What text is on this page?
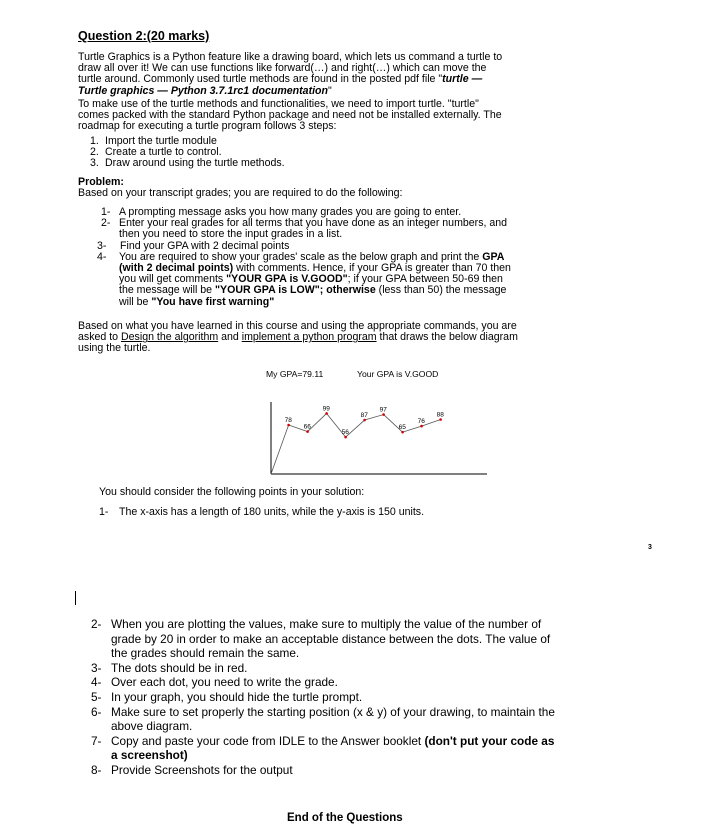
Question 2:(20 marks)
Turtle Graphics is a Python feature like a drawing board, which lets us command a turtle to
draw all over it! We can use functions like forward(…) and right(…) which can move the
turtle around. Commonly used turtle methods are found in the posted pdf file "turtle —
Turtle graphics — Python 3.7.1rc1 documentation"
To make use of the turtle methods and functionalities, we need to import turtle. "turtle"
comes packed with the standard Python package and need not be installed externally. The
roadmap for executing a turtle program follows 3 steps:
1. Import the turtle module
2. Create a turtle to control.
3. Draw around using the turtle methods.
Problem:
Based on your transcript grades; you are required to do the following:
1- A prompting message asks you how many grades you are going to enter.
2- Enter your real grades for all terms that you have done as an integer numbers, and
then you need to store the input grades in a list.
3- Find your GPA with 2 decimal points
4- You are required to show your grades' scale as the below graph and print the GPA
(with 2 decimal points) with comments. Hence, if your GPA is greater than 70 then
you will get comments "YOUR GPA is V.GOOD"; if your GPA between 50-69 then
the message will be "YOUR GPA is LOW"; otherwise (less than 50) the message
will be "You have first warning"
Based on what you have learned in this course and using the appropriate commands, you are
asked to Design the algorithm and implement a python program that draws the below diagram
using the turtle.
My GPA=79.11	Your GPA is V.GOOD
78
66
99
56
87
97
65
76
88
You should consider the following points in your solution:
1- The x-axis has a length of 180 units, while the y-axis is 150 units.
3
2- When you are plotting the values, make sure to multiply the value of the number of
grade by 20 in order to make an acceptable distance between the dots. The value of
the grades should remain the same.
3- The dots should be in red.
4- Over each dot, you need to write the grade.
5- In your graph, you should hide the turtle prompt.
6- Make sure to set properly the starting position (x & y) of your drawing, to maintain the
above diagram.
7- Copy and paste your code from IDLE to the Answer booklet (don't put your code as
a screenshot)
8- Provide Screenshots for the output
End of the Questions
